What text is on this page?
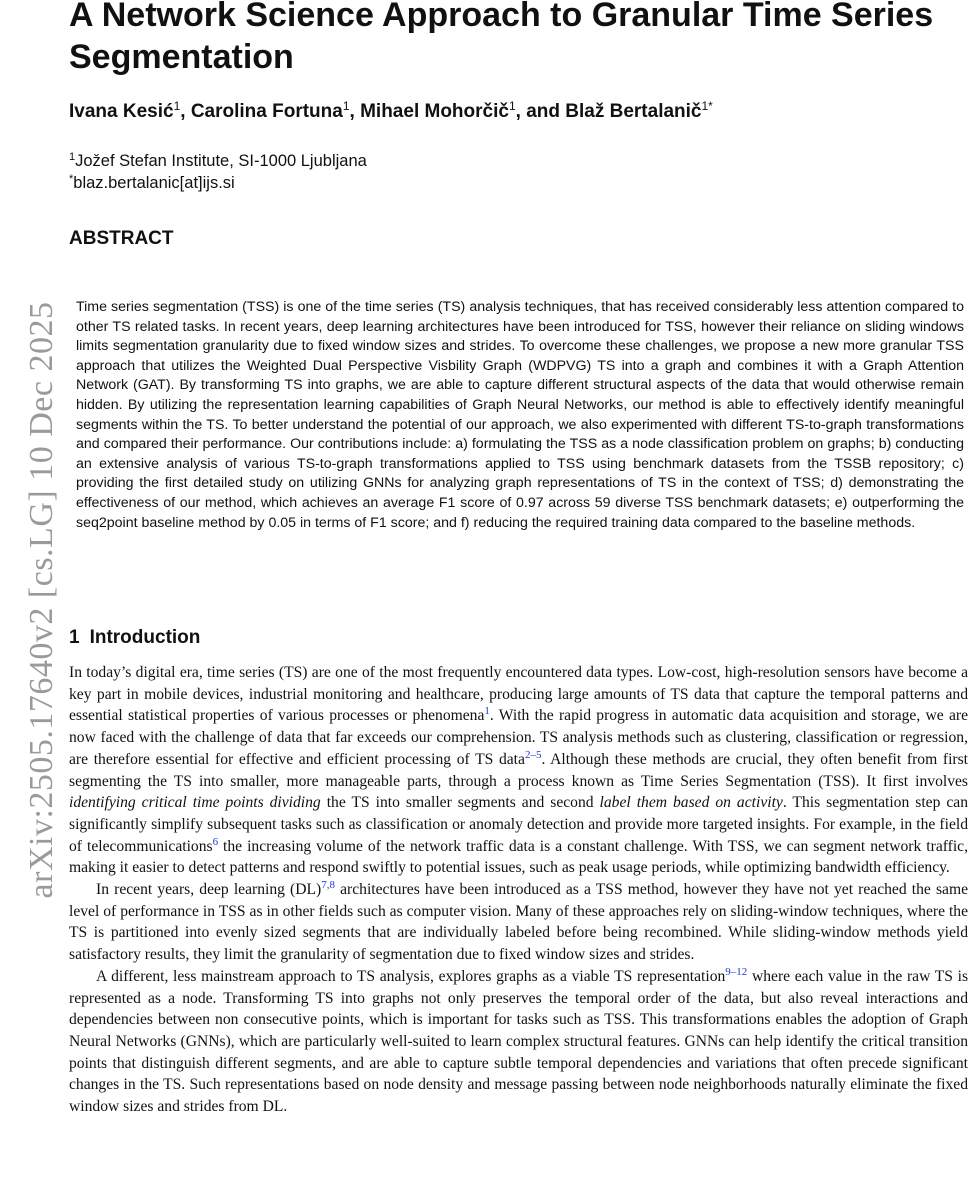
arXiv:2505.17640v2 [cs.LG] 10 Dec 2025
A Network Science Approach to Granular Time Series Segmentation
Ivana Kesić$^1$, Carolina Fortuna$^1$, Mihael Mohorčič$^1$, and Blaž Bertalanič$^{1*}$
$^1$Jožef Stefan Institute, SI-1000 Ljubljana
*blaz.bertalanic[at]ijs.si
ABSTRACT

Time series segmentation (TSS) is one of the time series (TS) analysis techniques, that has received considerably less attention compared to other TS related tasks. In recent years, deep learning architectures have been introduced for TSS, however their reliance on sliding windows limits segmentation granularity due to fixed window sizes and strides. To overcome these challenges, we propose a new more granular TSS approach that utilizes the Weighted Dual Perspective Visbility Graph (WDPVG) TS into a graph and combines it with a Graph Attention Network (GAT). By transforming TS into graphs, we are able to capture different structural aspects of the data that would otherwise remain hidden. By utilizing the representation learning capabilities of Graph Neural Networks, our method is able to effectively identify meaningful segments within the TS. To better understand the potential of our approach, we also experimented with different TS-to-graph transformations and compared their performance. Our contributions include: a) formulating the TSS as a node classification problem on graphs; b) conducting an extensive analysis of various TS-to-graph transformations applied to TSS using benchmark datasets from the TSSB repository; c) providing the first detailed study on utilizing GNNs for analyzing graph representations of TS in the context of TSS; d) demonstrating the effectiveness of our method, which achieves an average F1 score of 0.97 across 59 diverse TSS benchmark datasets; e) outperforming the seq2point baseline method by 0.05 in terms of F1 score; and f) reducing the required training data compared to the baseline methods.

1 Introduction

In today’s digital era, time series (TS) are one of the most frequently encountered data types. Low-cost, high-resolution sensors have become a key part in mobile devices, industrial monitoring and healthcare, producing large amounts of TS data that capture the temporal patterns and essential statistical properties of various processes or phenomena$^1$. With the rapid progress in automatic data acquisition and storage, we are now faced with the challenge of data that far exceeds our comprehension. TS analysis methods such as clustering, classification or regression, are therefore essential for effective and efficient processing of TS data$^{2-5}$. Although these methods are crucial, they often benefit from first segmenting the TS into smaller, more manageable parts, through a process known as Time Series Segmentation (TSS). It first involves identifying critical time points dividing the TS into smaller segments and second label them based on activity. This segmentation step can significantly simplify subsequent tasks such as classification or anomaly detection and provide more targeted insights. For example, in the field of telecommunications$^6$ the increasing volume of the network traffic data is a constant challenge. With TSS, we can segment network traffic, making it easier to detect patterns and respond swiftly to potential issues, such as peak usage periods, while optimizing bandwidth efficiency.

In recent years, deep learning (DL)$^{7,8}$ architectures have been introduced as a TSS method, however they have not yet reached the same level of performance in TSS as in other fields such as computer vision. Many of these approaches rely on sliding-window techniques, where the TS is partitioned into evenly sized segments that are individually labeled before being recombined. While sliding-window methods yield satisfactory results, they limit the granularity of segmentation due to fixed window sizes and strides.

A different, less mainstream approach to TS analysis, explores graphs as a viable TS representation$^{9-12}$ where each value in the raw TS is represented as a node. Transforming TS into graphs not only preserves the temporal order of the data, but also reveal interactions and dependencies between non consecutive points, which is important for tasks such as TSS. This transformations enables the adoption of Graph Neural Networks (GNNs), which are particularly well-suited to learn complex structural features. GNNs can help identify the critical transition points that distinguish different segments, and are able to capture subtle temporal dependencies and variations that often precede significant changes in the TS. Such representations based on node density and message passing between node neighborhoods naturally eliminate the fixed window sizes and strides from DL.
